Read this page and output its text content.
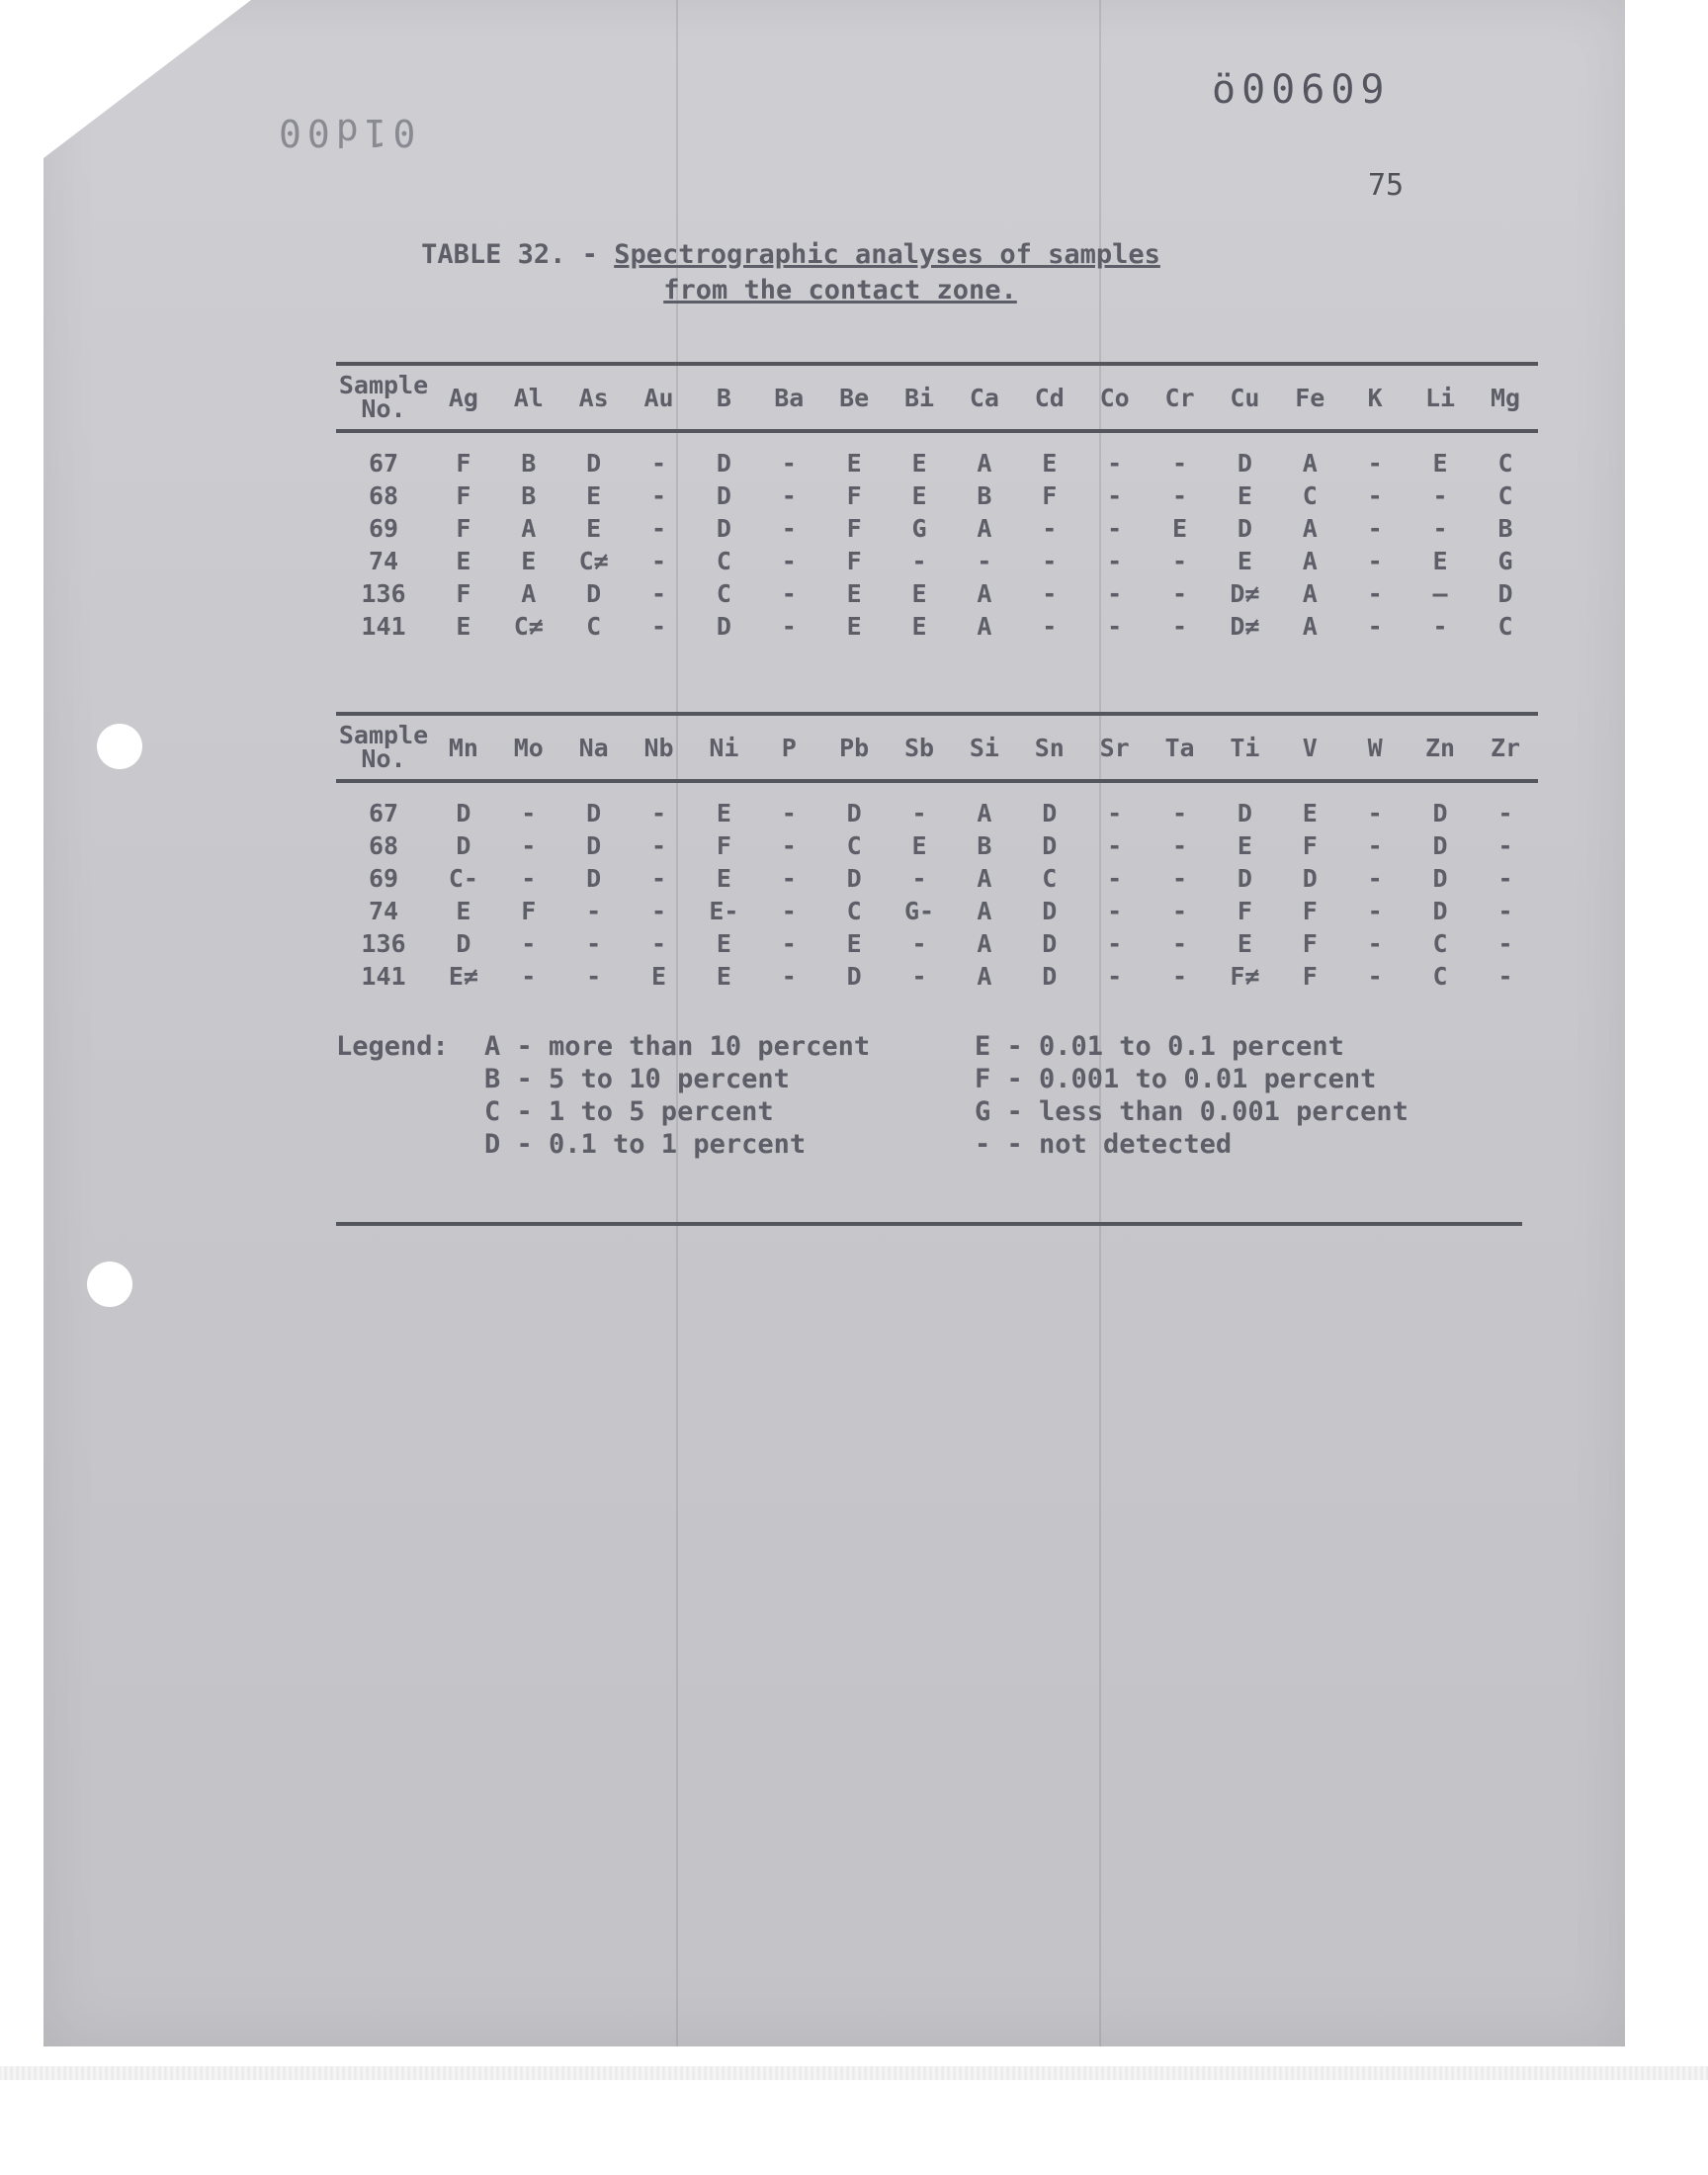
01d00
ö00609
75
TABLE 32. - Spectrographic analyses of samples
from the contact zone.
Sample
No.	Ag	Al	As	Au	B	Ba	Be	Bi	Ca	Cd	Co	Cr	Cu	Fe	K	Li	Mg
67	F	B	D	-	D	-	E	E	A	E	-	-	D	A	-	E	C
68	F	B	E	-	D	-	F	E	B	F	-	-	E	C	-	-	C
69	F	A	E	-	D	-	F	G	A	-	-	E	D	A	-	-	B
74	E	E	C≠	-	C	-	F	-	-	-	-	-	E	A	-	E	G
136	F	A	D	-	C	-	E	E	A	-	-	-	D≠	A	-	—	D
141	E	C≠	C	-	D	-	E	E	A	-	-	-	D≠	A	-	-	C
Sample
No.	Mn	Mo	Na	Nb	Ni	P	Pb	Sb	Si	Sn	Sr	Ta	Ti	V	W	Zn	Zr
67	D	-	D	-	E	-	D	-	A	D	-	-	D	E	-	D	-
68	D	-	D	-	F	-	C	E	B	D	-	-	E	F	-	D	-
69	C-	-	D	-	E	-	D	-	A	C	-	-	D	D	-	D	-
74	E	F	-	-	E-	-	C	G-	A	D	-	-	F	F	-	D	-
136	D	-	-	-	E	-	E	-	A	D	-	-	E	F	-	C	-
141	E≠	-	-	E	E	-	D	-	A	D	-	-	F≠	F	-	C	-
Legend: A - more than 10 percent
B - 5 to 10 percent
C - 1 to 5 percent
D - 0.1 to 1 percent
E - 0.01 to 0.1 percent
F - 0.001 to 0.01 percent
G - less than 0.001 percent
- - not detected
